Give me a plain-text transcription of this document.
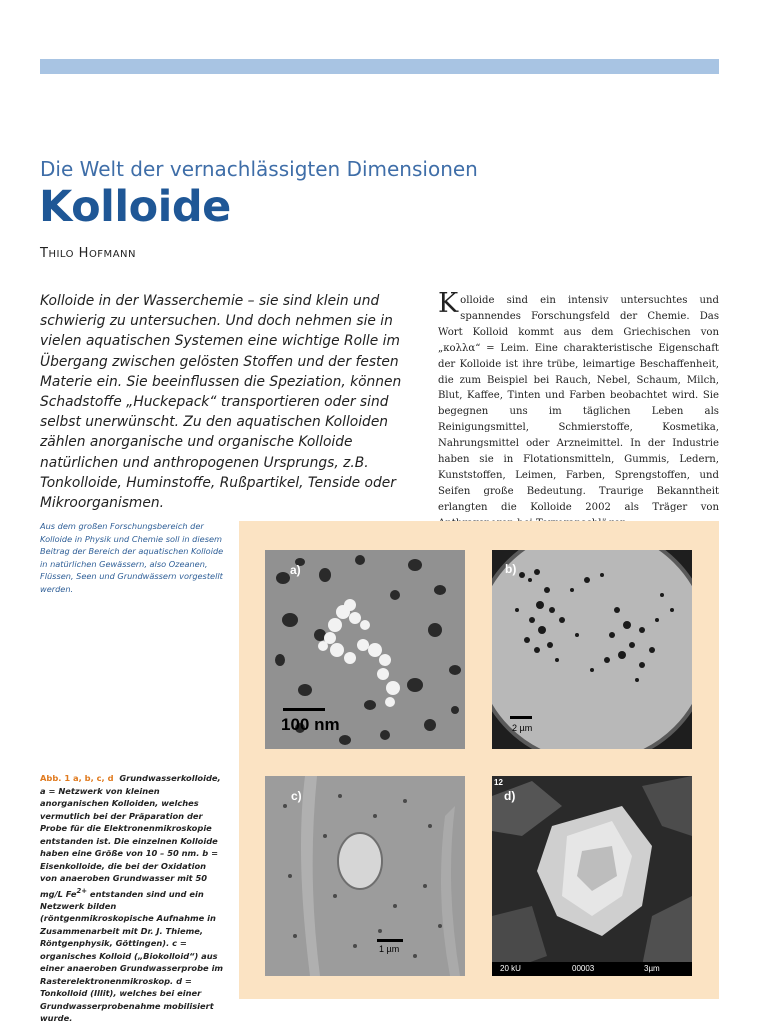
Die Welt der vernachlässigten Dimensionen
Kolloide
THILO HOFMANN

Kolloide in der Wasserchemie – sie sind klein und schwierig zu untersuchen. Und doch nehmen sie in vielen aquatischen Systemen eine wichtige Rolle im Übergang zwischen gelösten Stoffen und der festen Materie ein. Sie beeinflussen die Speziation, können Schadstoffe „Huckepack“ transportieren oder sind selbst unerwünscht. Zu den aquatischen Kolloiden zählen anorganische und organische Kolloide natürlichen und anthropogenen Ursprungs, z.B. Tonkolloide, Huminstoffe, Rußpartikel, Tenside oder Mikroorganismen.

Kolloide sind ein intensiv untersuchtes und spannendes Forschungsfeld der Chemie. Das Wort Kolloid kommt aus dem Griechischen von „κολλα“ = Leim. Eine charakteristische Eigenschaft der Kolloide ist ihre trübe, leimartige Beschaffenheit, die zum Beispiel bei Rauch, Nebel, Schaum, Milch, Blut, Kaffee, Tinten und Farben beobachtet wird. Sie begegnen uns im täglichen Leben als Reinigungsmittel, Schmierstoffe, Kosmetika, Nahrungsmittel oder Arzneimittel. In der Industrie haben sie in Flotationsmitteln, Gummis, Ledern, Kunststoffen, Leimen, Farben, Sprengstoffen, und Seifen große Bedeutung. Traurige Bekanntheit erlangten die Kolloide 2002 als Träger von

Aus dem großen Forschungsbereich der Kolloide in Physik und Chemie soll in diesem Beitrag der Bereich der aquatischen Kolloide in natürlichen Gewässern, also Ozeanen, Flüssen, Seen und Grundwässern vorgestellt werden.

a)
100 nm
b)
2 µm
c)
1 µm
d)
12
20 kU	00003	3µm

Abb. 1 a, b, c, d Grundwasserkolloide, a = Netzwerk von kleinen anorganischen Kolloiden, welches vermutlich bei der Präparation der Probe für die Elektronenmikroskopie entstanden ist. Die einzelnen Kolloide haben eine Größe von 10 – 50 nm. b = Eisenkolloide, die bei der Oxidation von anaeroben Grundwasser mit 50 mg/L $Fe^{2+}$ entstanden sind und ein Netzwerk bilden (röntgenmikroskopische Aufnahme in Zusammenarbeit mit Dr. J. Thieme, Röntgenphysik, Göttingen). c = organisches Kolloid („Biokolloid“) aus einer anaeroben Grundwasserprobe im Rasterelektronenmikroskop. d = Tonkolloid (Illit), welches bei einer Grundwasserprobenahme mobilisiert wurde.
